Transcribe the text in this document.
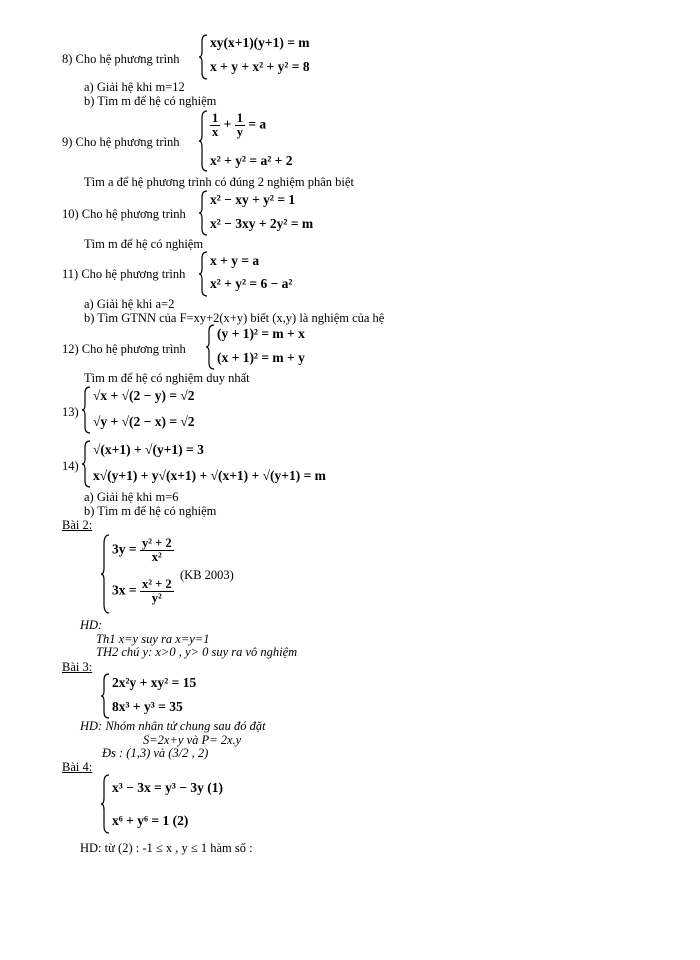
8) Cho hệ phương trình
xy(x+1)(y+1) = m
x + y + x² + y² = 8
a) Giải hệ khi m=12
b) Tìm m để hệ có nghiệm
9) Cho hệ phương trình
$\frac{1}{x} + \frac{1}{y} = a$
x² + y² = a² + 2
Tìm a để hệ phương trình có đúng 2 nghiệm phân biệt
10) Cho hệ phương trình
x² − xy + y² = 1
x² − 3xy + 2y² = m
Tìm m để hệ có nghiệm
11) Cho hệ phương trình
x + y = a
x² + y² = 6 − a²
a) Giải hệ khi a=2
b) Tìm GTNN của F=xy+2(x+y) biết (x,y) là nghiệm của hệ
12) Cho hệ phương trình
(y + 1)² = m + x
(x + 1)² = m + y
Tìm m để hệ có nghiệm duy nhất
13)
√x + √(2 − y) = √2
√y + √(2 − x) = √2
14)
√(x+1) + √(y+1) = 3
x√(y+1) + y√(x+1) + √(x+1) + √(y+1) = m
a) Giải hệ khi m=6
b) Tìm m để hệ có nghiệm
Bài 2:
$3y = \frac{\text{y² + 2}}{\text{x²}}$
(KB 2003)
$3x = \frac{\text{x² + 2}}{\text{y²}}$
HD:
Th1 x=y suy ra x=y=1
TH2 chú y: x>0 , y> 0 suy ra vô nghiệm
Bài 3:
2x²y + xy² = 15
8x³ + y³ = 35
HD: Nhóm nhân tử chung sau đó đặt
S=2x+y và P= 2x.y
Đs : (1,3) và (3/2 , 2)
Bài 4:
x³ − 3x = y³ − 3y (1)
x⁶ + y⁶ = 1 (2)
HD: từ (2) : -1 ≤ x , y ≤ 1 hàm số :
